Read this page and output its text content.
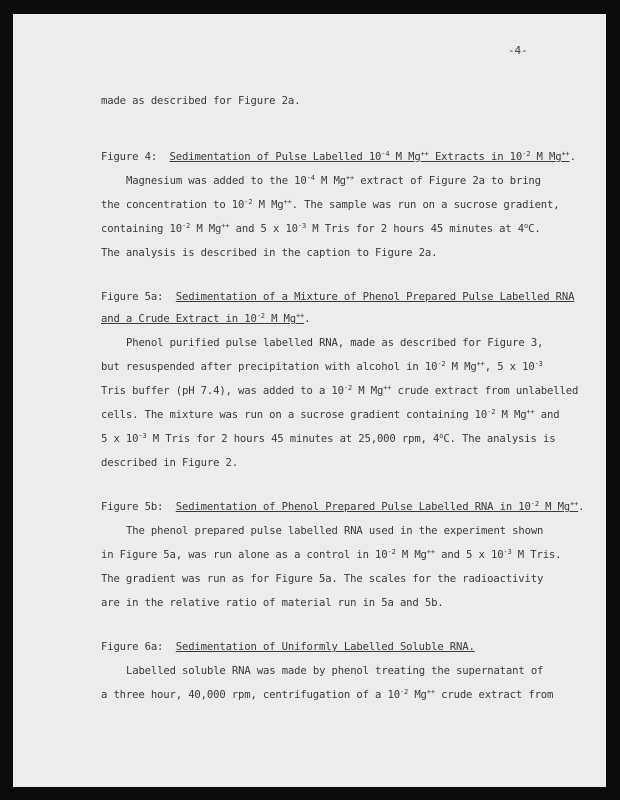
-4-
made as described for Figure 2a.
Figure 4: Sedimentation of Pulse Labelled $10^{-4}$ M Mg++ Extracts in $10^{-2}$ M Mg++.
Magnesium was added to the $10^{-4}$ M Mg++ extract of Figure 2a to bring
the concentration to $10^{-2}$ M Mg++. The sample was run on a sucrose gradient,
containing $10^{-2}$ M Mg++ and 5 x $10^{-3}$ M Tris for 2 hours 45 minutes at 4$^o$C.
The analysis is described in the caption to Figure 2a.
Figure 5a: Sedimentation of a Mixture of Phenol Prepared Pulse Labelled RNA
and a Crude Extract in $10^{-2}$ M Mg++.
Phenol purified pulse labelled RNA, made as described for Figure 3,
but resuspended after precipitation with alcohol in $10^{-2}$ M Mg++, 5 x $10^{-3}$
Tris buffer (pH 7.4), was added to a $10^{-2}$ M Mg++ crude extract from unlabelled
cells. The mixture was run on a sucrose gradient containing $10^{-2}$ M Mg++ and
5 x $10^{-3}$ M Tris for 2 hours 45 minutes at 25,000 rpm, 4$^o$C. The analysis is
described in Figure 2.
Figure 5b: Sedimentation of Phenol Prepared Pulse Labelled RNA in $10^{-2}$ M Mg++.
The phenol prepared pulse labelled RNA used in the experiment shown
in Figure 5a, was run alone as a control in $10^{-2}$ M Mg++ and 5 x $10^{-3}$ M Tris.
The gradient was run as for Figure 5a. The scales for the radioactivity
are in the relative ratio of material run in 5a and 5b.
Figure 6a: Sedimentation of Uniformly Labelled Soluble RNA.
Labelled soluble RNA was made by phenol treating the supernatant of
a three hour, 40,000 rpm, centrifugation of a $10^{-2}$ Mg++ crude extract from
